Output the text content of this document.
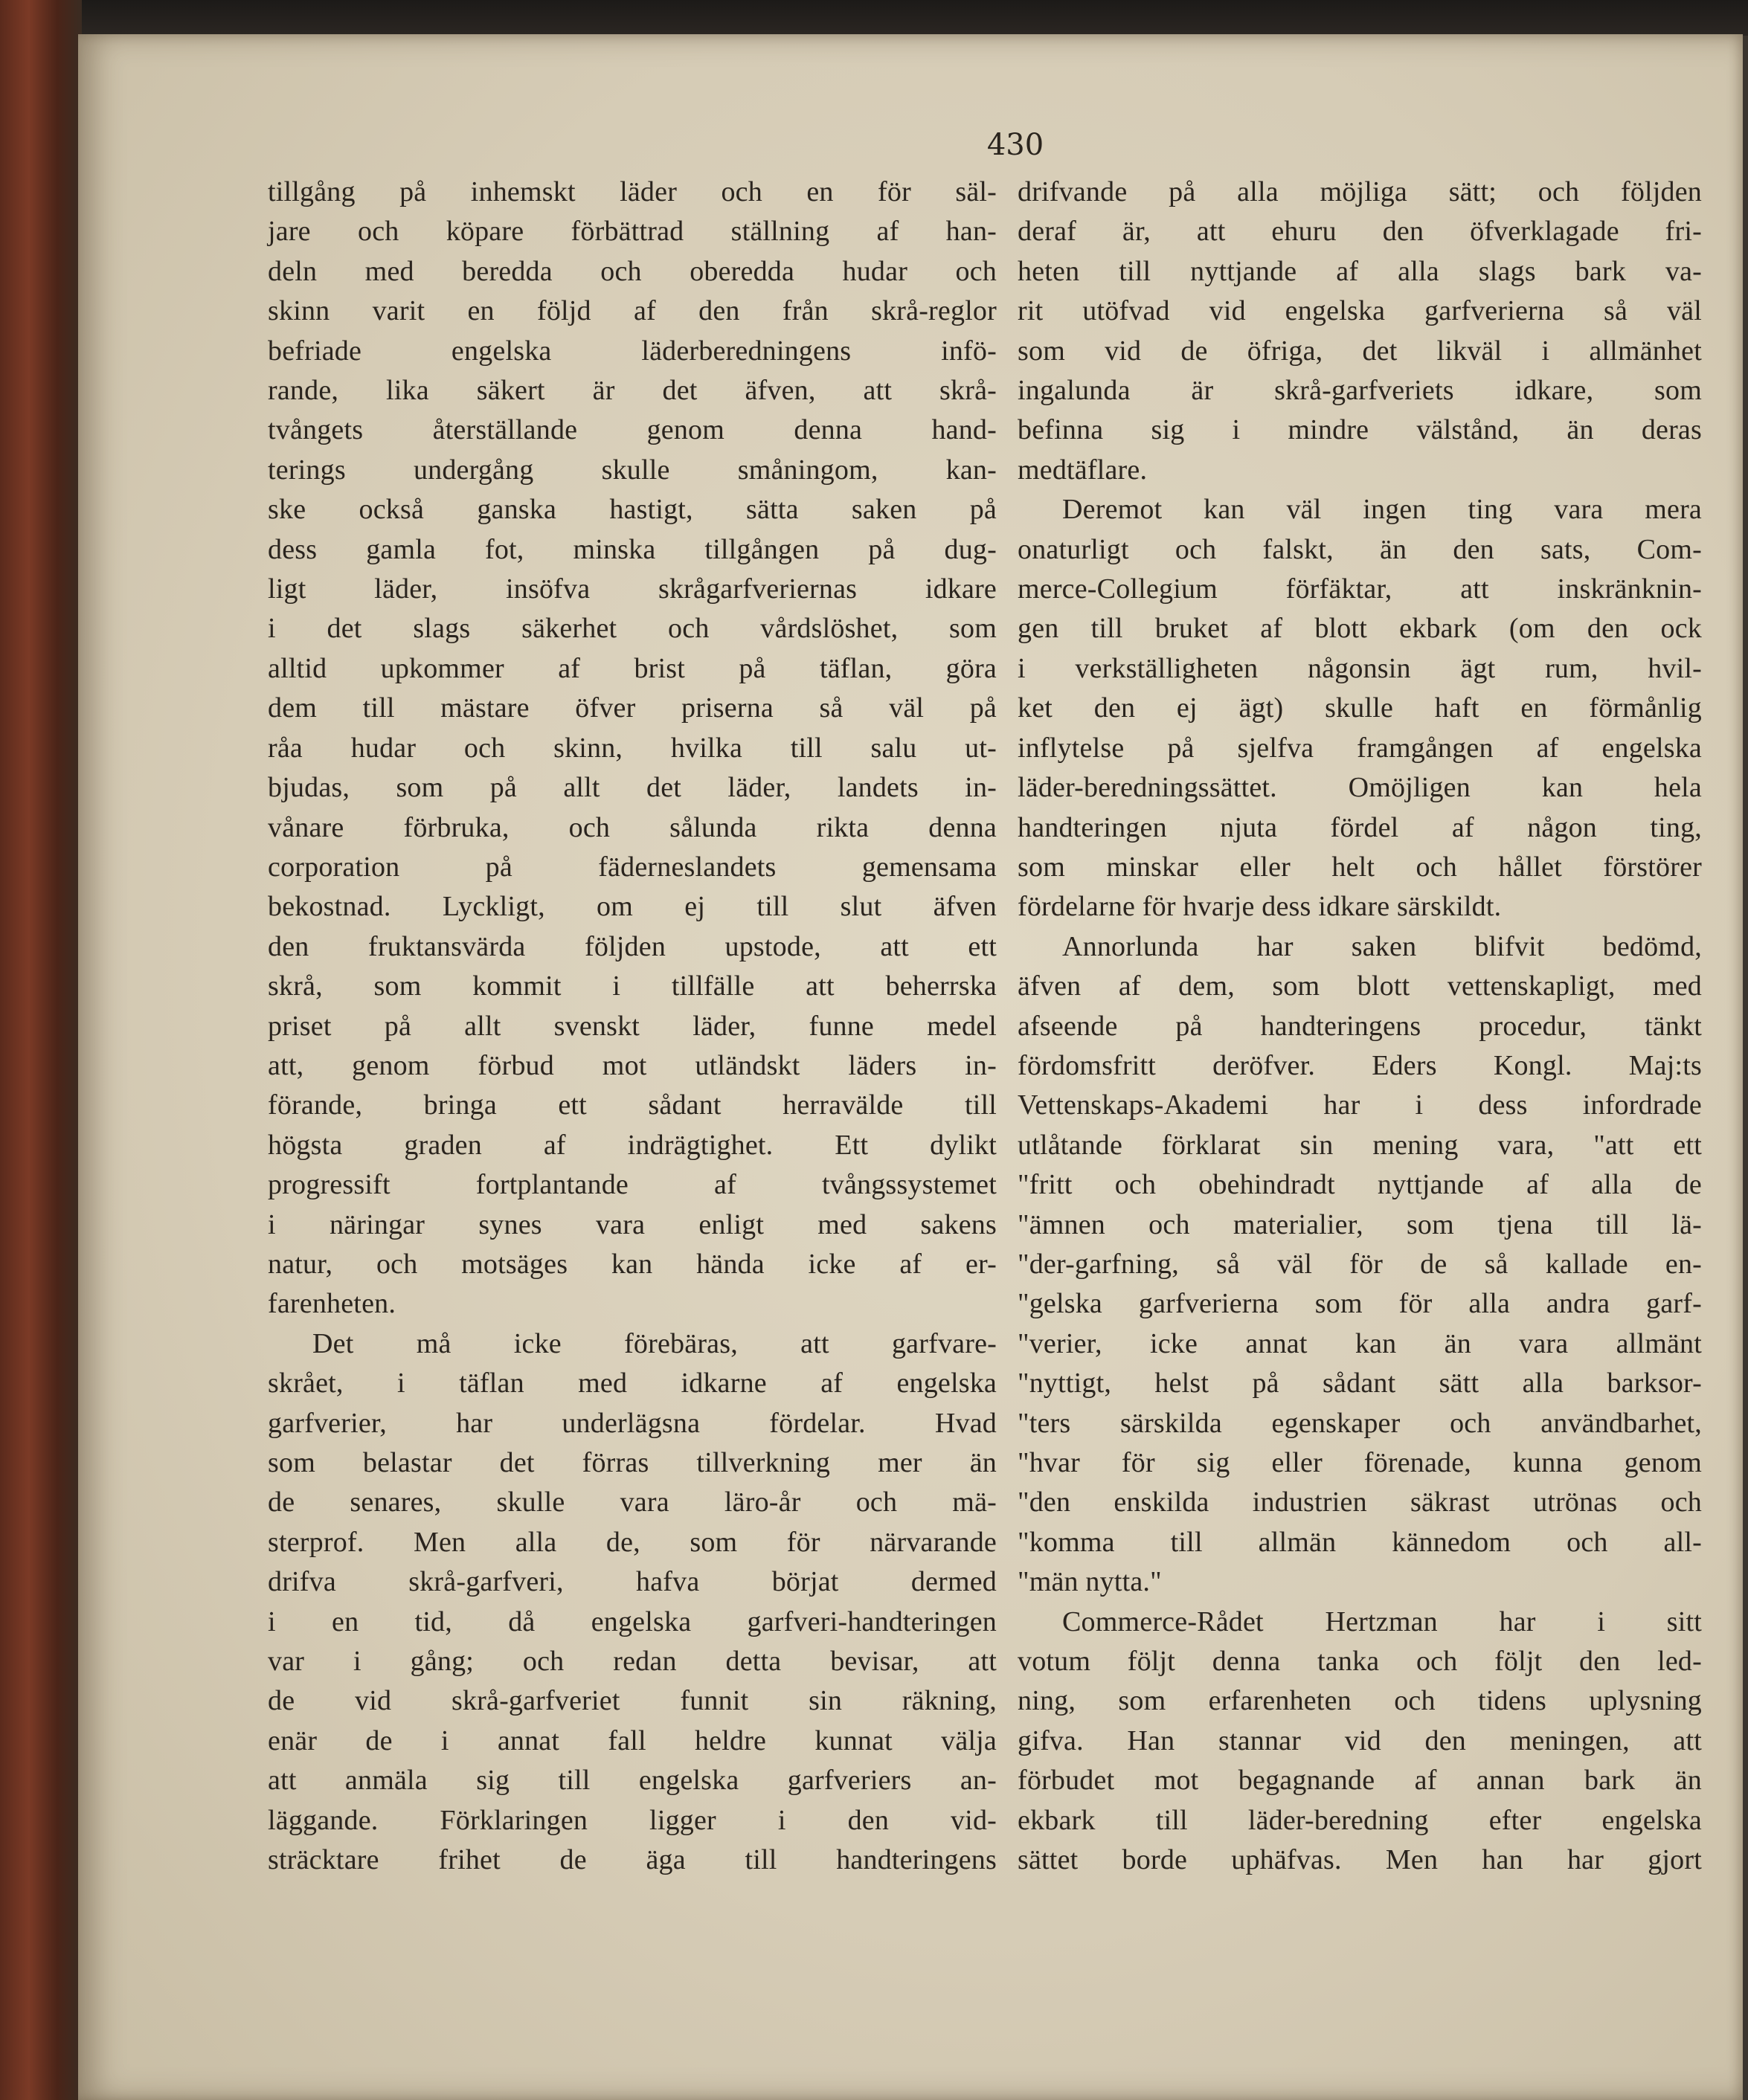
430
tillgång på inhemskt läder och en för säl-
jare och köpare förbättrad ställning af han-
deln med beredda och oberedda hudar och
skinn varit en följd af den från skrå-reglor
befriade engelska läderberedningens infö-
rande, lika säkert är det äfven, att skrå-
tvångets återställande genom denna hand-
terings undergång skulle småningom, kan-
ske också ganska hastigt, sätta saken på
dess gamla fot, minska tillgången på dug-
ligt läder, insöfva skrågarfveriernas idkare
i det slags säkerhet och vårdslöshet, som
alltid upkommer af brist på täflan, göra
dem till mästare öfver priserna så väl på
råa hudar och skinn, hvilka till salu ut-
bjudas, som på allt det läder, landets in-
vånare förbruka, och sålunda rikta denna
corporation på fäderneslandets gemensama
bekostnad. Lyckligt, om ej till slut äfven
den fruktansvärda följden upstode, att ett
skrå, som kommit i tillfälle att beherrska
priset på allt svenskt läder, funne medel
att, genom förbud mot utländskt läders in-
förande, bringa ett sådant herravälde till
högsta graden af indrägtighet. Ett dylikt
progressift fortplantande af tvångssystemet
i näringar synes vara enligt med sakens
natur, och motsäges kan hända icke af er-
farenheten.
Det må icke förebäras, att garfvare-
skrået, i täflan med idkarne af engelska
garfverier, har underlägsna fördelar. Hvad
som belastar det förras tillverkning mer än
de senares, skulle vara läro-år och mä-
sterprof. Men alla de, som för närvarande
drifva skrå-garfveri, hafva börjat dermed
i en tid, då engelska garfveri-handteringen
var i gång; och redan detta bevisar, att
de vid skrå-garfveriet funnit sin räkning,
enär de i annat fall heldre kunnat välja
att anmäla sig till engelska garfveriers an-
läggande. Förklaringen ligger i den vid-
sträcktare frihet de äga till handteringens
drifvande på alla möjliga sätt; och följden
deraf är, att ehuru den öfverklagade fri-
heten till nyttjande af alla slags bark va-
rit utöfvad vid engelska garfverierna så väl
som vid de öfriga, det likväl i allmänhet
ingalunda är skrå-garfveriets idkare, som
befinna sig i mindre välstånd, än deras
medtäflare.
Deremot kan väl ingen ting vara mera
onaturligt och falskt, än den sats, Com-
merce-Collegium förfäktar, att inskränknin-
gen till bruket af blott ekbark (om den ock
i verkställigheten någonsin ägt rum, hvil-
ket den ej ägt) skulle haft en förmånlig
inflytelse på sjelfva framgången af engelska
läder-beredningssättet. Omöjligen kan hela
handteringen njuta fördel af någon ting,
som minskar eller helt och hållet förstörer
fördelarne för hvarje dess idkare särskildt.
Annorlunda har saken blifvit bedömd,
äfven af dem, som blott vettenskapligt, med
afseende på handteringens procedur, tänkt
fördomsfritt deröfver. Eders Kongl. Maj:ts
Vettenskaps-Akademi har i dess infordrade
utlåtande förklarat sin mening vara, "att ett
"fritt och obehindradt nyttjande af alla de
"ämnen och materialier, som tjena till lä-
"der-garfning, så väl för de så kallade en-
"gelska garfverierna som för alla andra garf-
"verier, icke annat kan än vara allmänt
"nyttigt, helst på sådant sätt alla barksor-
"ters särskilda egenskaper och användbarhet,
"hvar för sig eller förenade, kunna genom
"den enskilda industrien säkrast utrönas och
"komma till allmän kännedom och all-
"män nytta."
Commerce-Rådet Hertzman har i sitt
votum följt denna tanka och följt den led-
ning, som erfarenheten och tidens uplysning
gifva. Han stannar vid den meningen, att
förbudet mot begagnande af annan bark än
ekbark till läder-beredning efter engelska
sättet borde uphäfvas. Men han har gjort
